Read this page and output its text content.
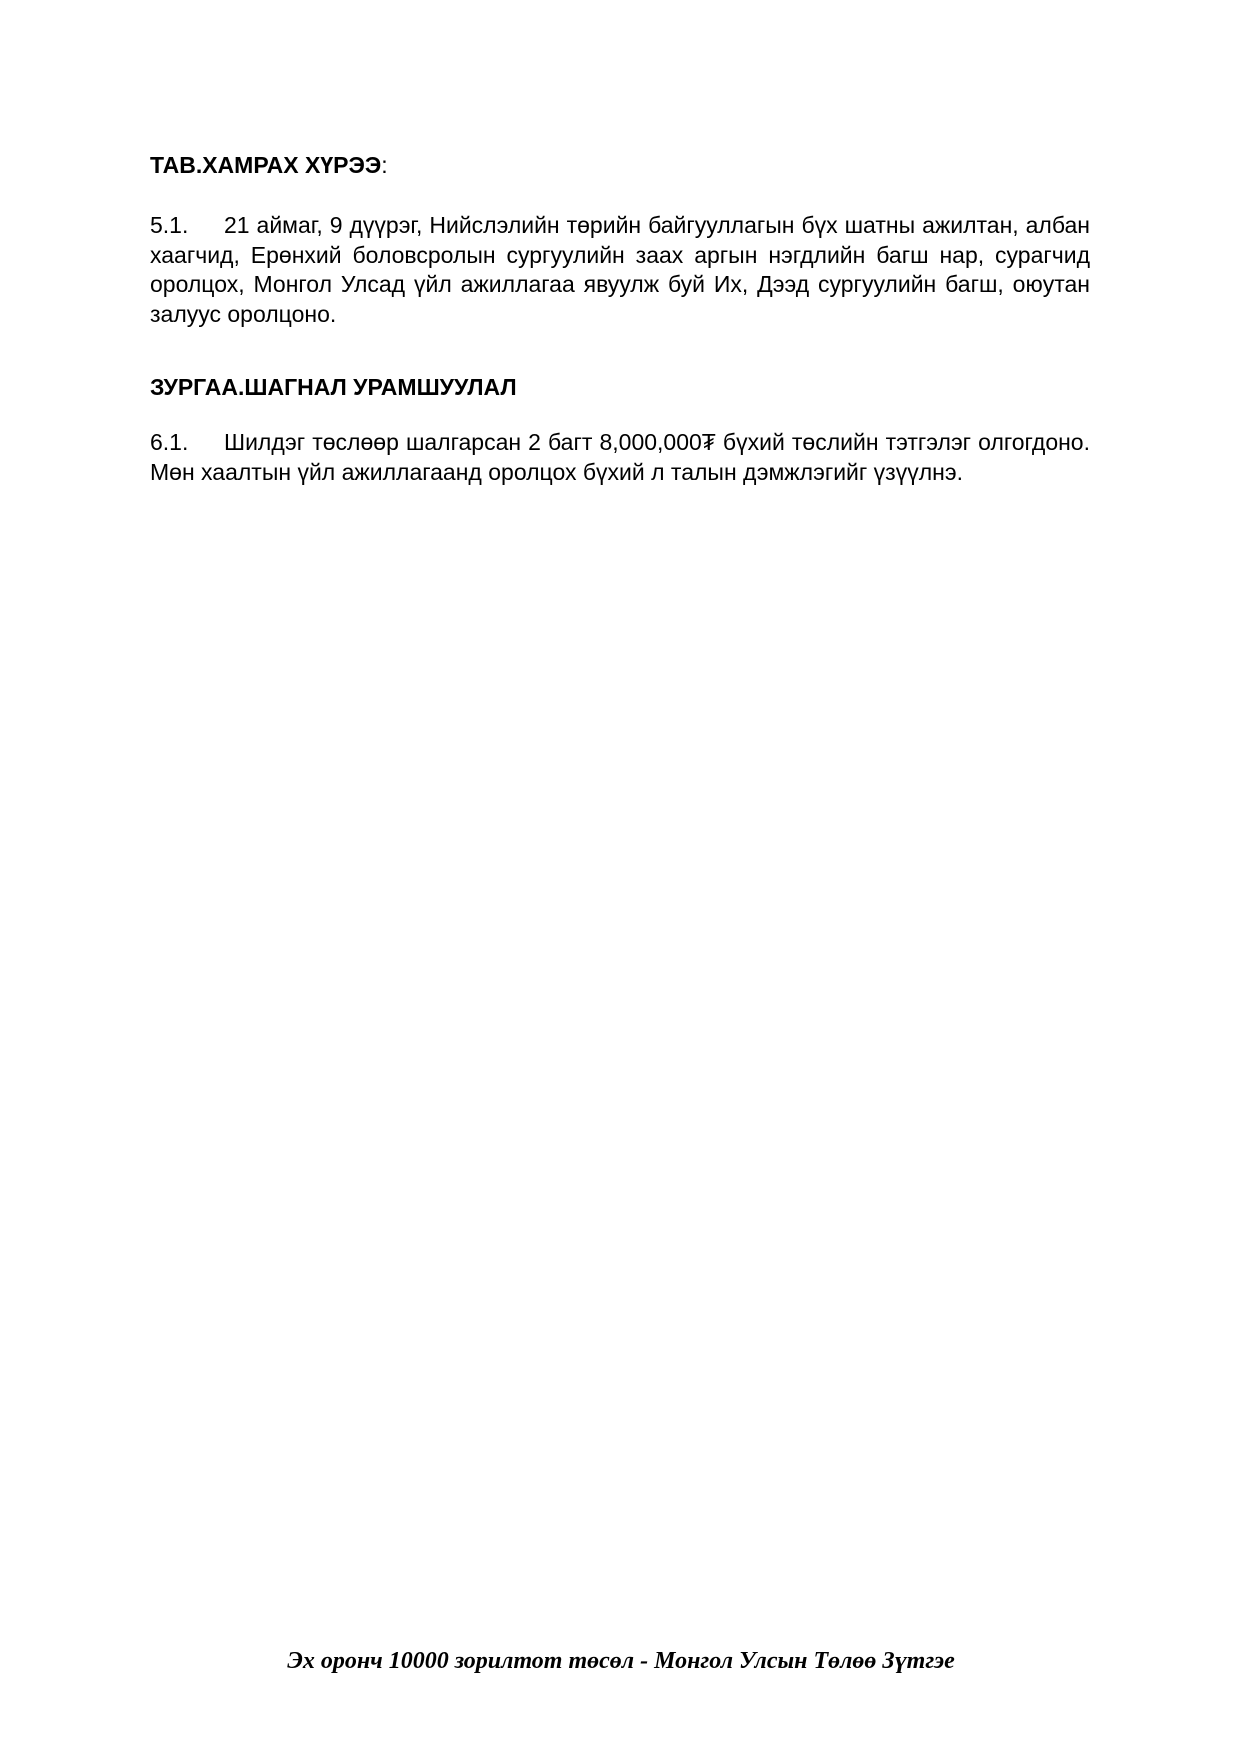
ТАВ.ХАМРАХ ХҮРЭЭ:

5.1. 21 аймаг, 9 дүүрэг, Нийслэлийн төрийн байгууллагын бүх шатны ажилтан, албан хаагчид, Ерөнхий боловсролын сургуулийн заах аргын нэгдлийн багш нар, сурагчид оролцох, Монгол Улсад үйл ажиллагаа явуулж буй Их, Дээд сургуулийн багш, оюутан залуус оролцоно.

ЗУРГАА.ШАГНАЛ УРАМШУУЛАЛ

6.1. Шилдэг төслөөр шалгарсан 2 багт 8,000,000₮ бүхий төслийн тэтгэлэг олгогдоно. Мөн хаалтын үйл ажиллагаанд оролцох бүхий л талын дэмжлэгийг үзүүлнэ.

Эх оронч 10000 зорилтот төсөл - Монгол Улсын Төлөө Зүтгэе
